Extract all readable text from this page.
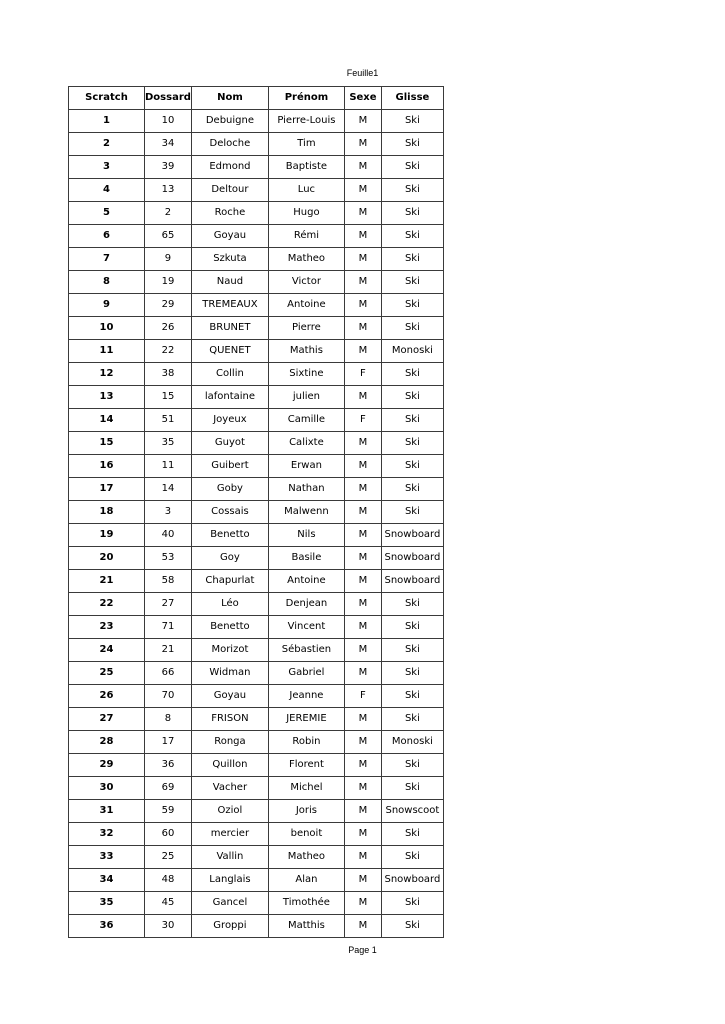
Feuille1
Scratch	Dossard	Nom	Prénom	Sexe	Glisse
1	10	Debuigne	Pierre-Louis	M	Ski
2	34	Deloche	Tim	M	Ski
3	39	Edmond	Baptiste	M	Ski
4	13	Deltour	Luc	M	Ski
5	2	Roche	Hugo	M	Ski
6	65	Goyau	Rémi	M	Ski
7	9	Szkuta	Matheo	M	Ski
8	19	Naud	Victor	M	Ski
9	29	TREMEAUX	Antoine	M	Ski
10	26	BRUNET	Pierre	M	Ski
11	22	QUENET	Mathis	M	Monoski
12	38	Collin	Sixtine	F	Ski
13	15	lafontaine	julien	M	Ski
14	51	Joyeux	Camille	F	Ski
15	35	Guyot	Calixte	M	Ski
16	11	Guibert	Erwan	M	Ski
17	14	Goby	Nathan	M	Ski
18	3	Cossais	Malwenn	M	Ski
19	40	Benetto	Nils	M	Snowboard
20	53	Goy	Basile	M	Snowboard
21	58	Chapurlat	Antoine	M	Snowboard
22	27	Léo	Denjean	M	Ski
23	71	Benetto	Vincent	M	Ski
24	21	Morizot	Sébastien	M	Ski
25	66	Widman	Gabriel	M	Ski
26	70	Goyau	Jeanne	F	Ski
27	8	FRISON	JEREMIE	M	Ski
28	17	Ronga	Robin	M	Monoski
29	36	Quillon	Florent	M	Ski
30	69	Vacher	Michel	M	Ski
31	59	Oziol	Joris	M	Snowscoot
32	60	mercier	benoit	M	Ski
33	25	Vallin	Matheo	M	Ski
34	48	Langlais	Alan	M	Snowboard
35	45	Gancel	Timothée	M	Ski
36	30	Groppi	Matthis	M	Ski
Page 1
